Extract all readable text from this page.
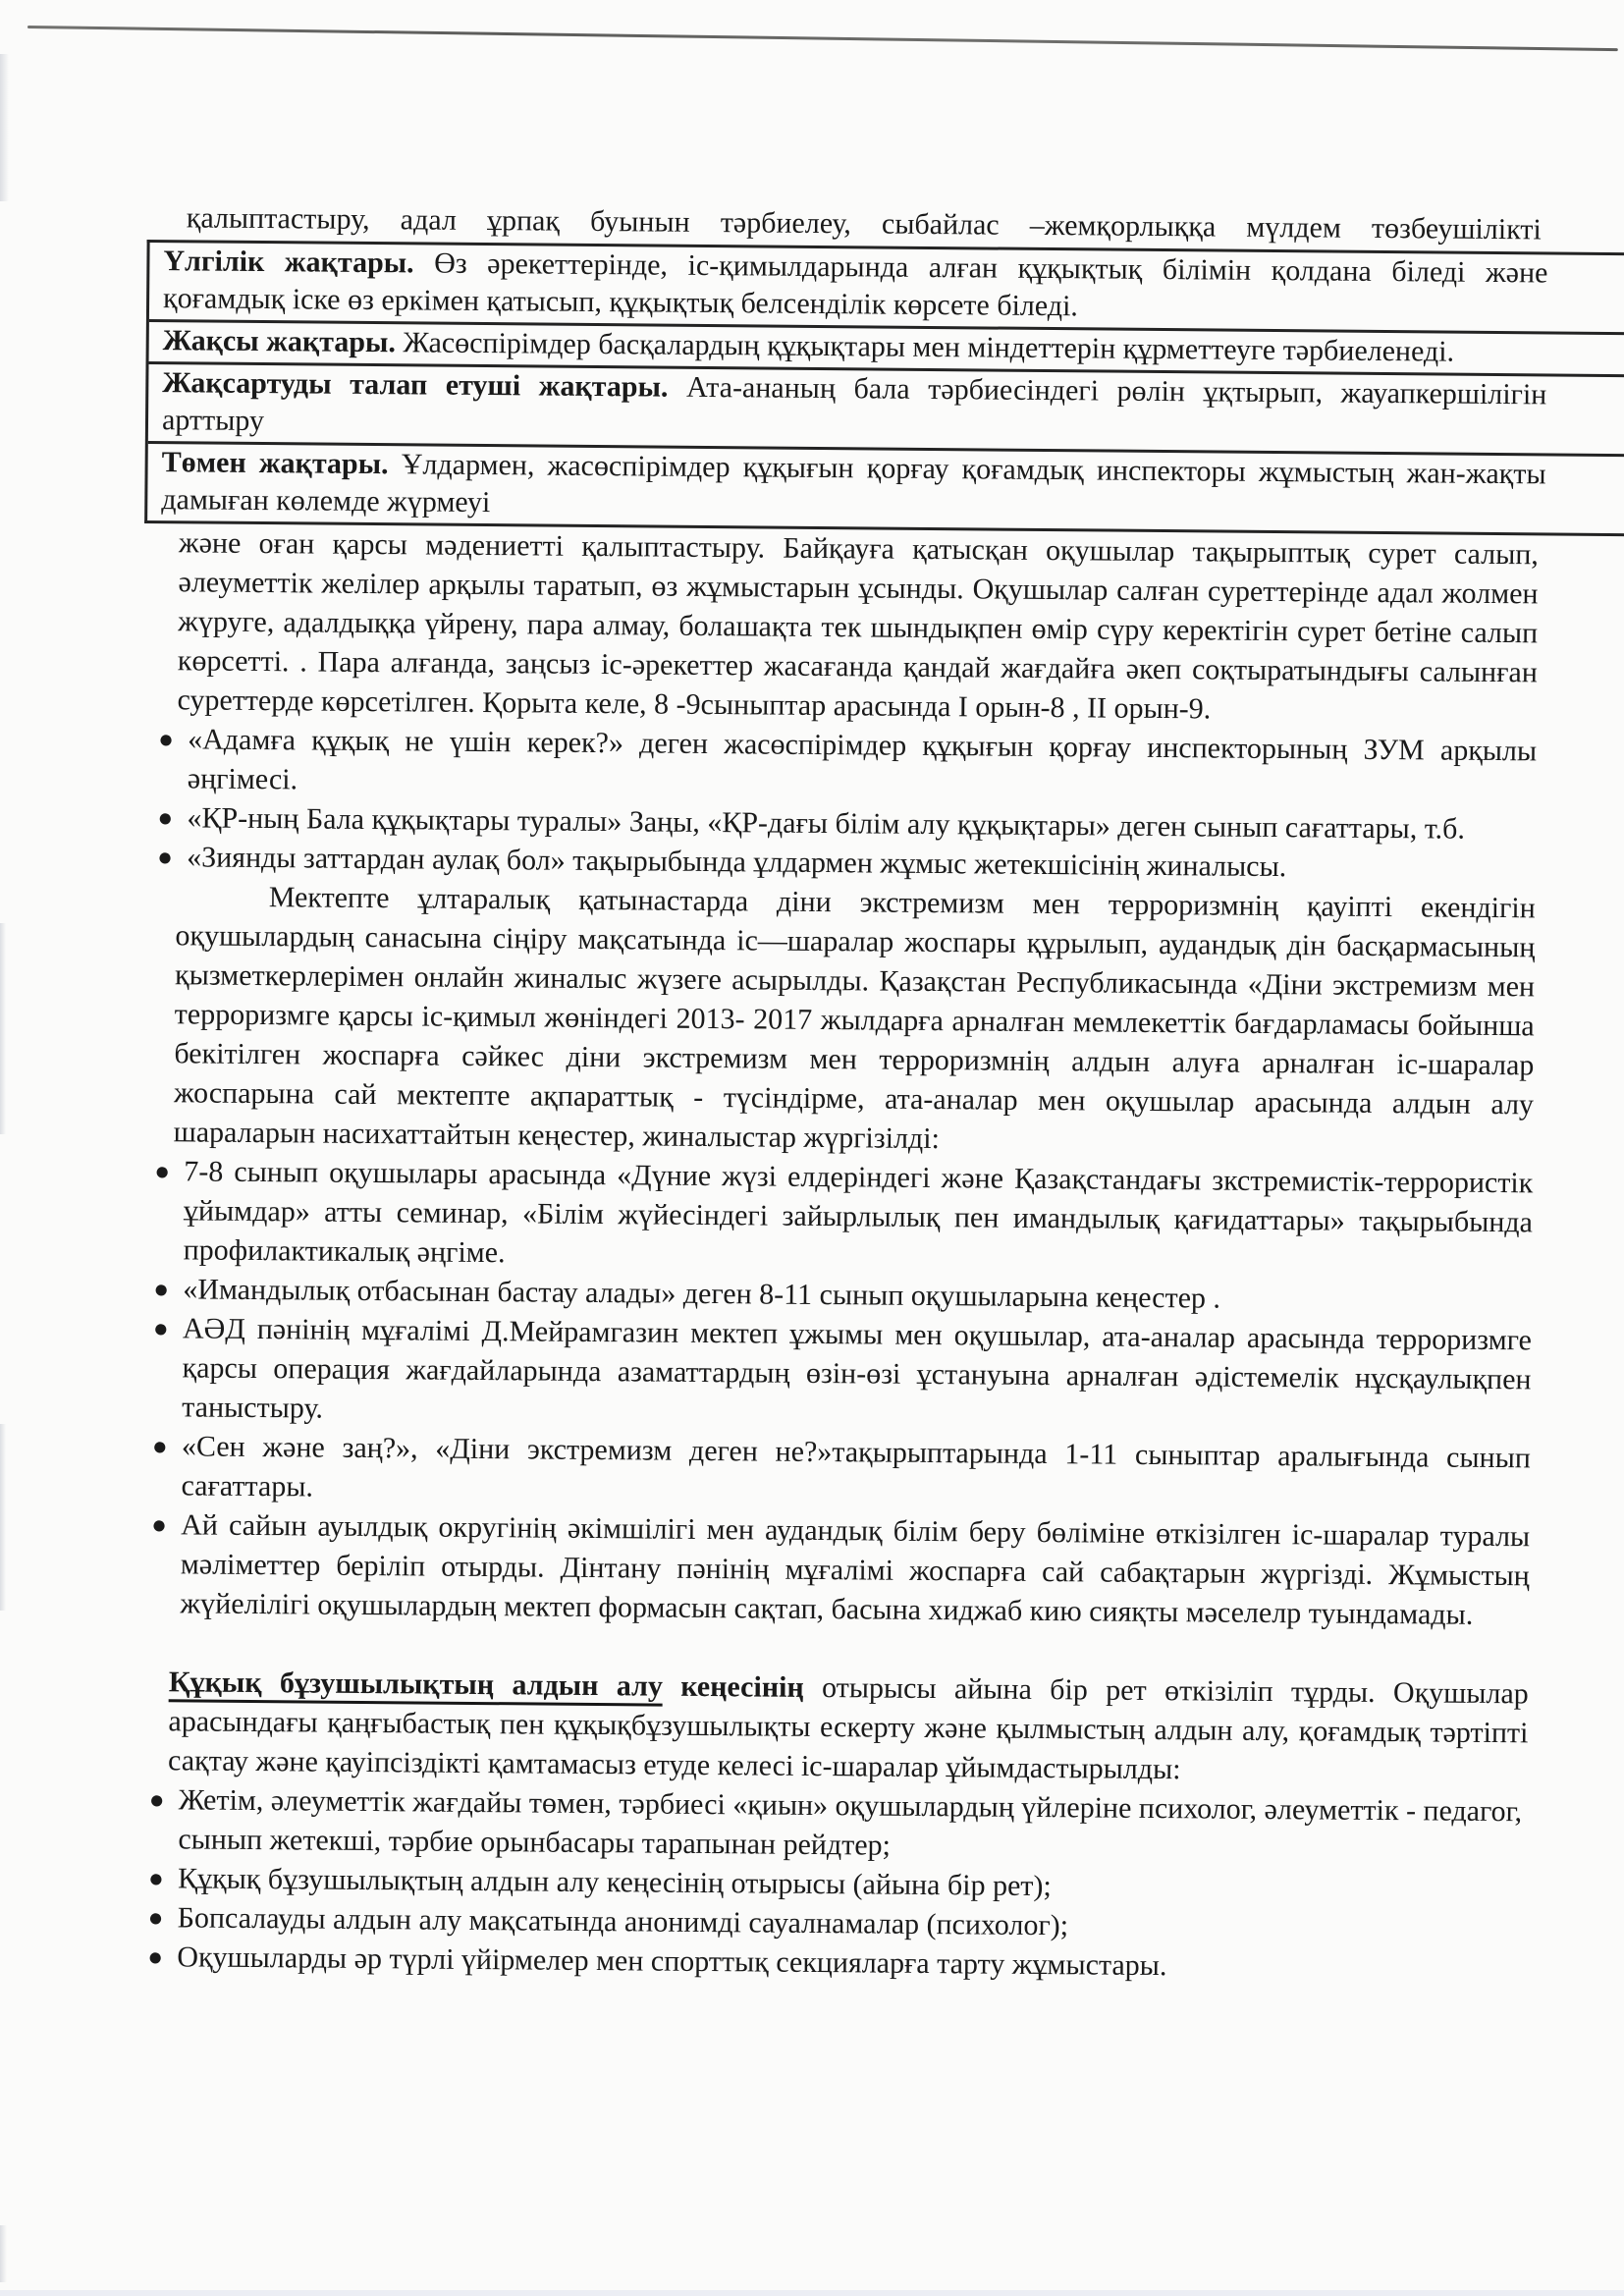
қалыптастыру, адал ұрпақ буынын тәрбиелеу, сыбайлас –жемқорлыққа мүлдем төзбеушілікті
Үлгілік жақтары. Өз әрекеттерінде, іс-қимылдарында алған құқықтық білімін қолдана біледі және қоғамдық іске өз еркімен қатысып, құқықтық белсенділік көрсете біледі.
Жақсы жақтары. Жасөспірімдер басқалардың құқықтары мен міндеттерін құрметтеуге тәрбиеленеді.
Жақсартуды талап етуші жақтары. Ата-ананың бала тәрбиесіндегі рөлін ұқтырып, жауапкершілігін арттыру
Төмен жақтары. Ұлдармен, жасөспірімдер құқығын қорғау қоғамдық инспекторы жұмыстың жан-жақты дамыған көлемде жүрмеуі
және оған қарсы мәдениетті қалыптастыру. Байқауға қатысқан оқушылар тақырыптық сурет салып, әлеуметтік желілер арқылы таратып, өз жұмыстарын ұсынды. Оқушылар салған суреттерінде адал жолмен жүруге, адалдыққа үйрену, пара алмау, болашақта тек шындықпен өмір сүру керектігін сурет бетіне салып көрсетті. . Пара алғанда, заңсыз іс-әрекеттер жасағанда қандай жағдайға әкеп соқтыратындығы салынған суреттерде көрсетілген. Қорыта келе, 8 -9сыныптар арасында I орын-8 , II орын-9.
● «Адамға құқық не үшін керек?» деген жасөспірімдер құқығын қорғау инспекторының ЗУМ арқылы әңгімесі.
● «ҚР-ның Бала құқықтары туралы» Заңы, «ҚР-дағы білім алу құқықтары» деген сынып сағаттары, т.б.
● «Зиянды заттардан аулақ бол» тақырыбында ұлдармен жұмыс жетекшісінің жиналысы.
Мектепте ұлтаралық қатынастарда діни экстремизм мен терроризмнің қауіпті екендігін оқушылардың санасына сіңіру мақсатында іс—шаралар жоспары құрылып, аудандық дін басқармасының қызметкерлерімен онлайн жиналыс жүзеге асырылды. Қазақстан Республикасында «Діни экстремизм мен терроризмге қарсы іс-қимыл жөніндегі 2013- 2017 жылдарға арналған мемлекеттік бағдарламасы бойынша бекітілген жоспарға сәйкес діни экстремизм мен терроризмнің алдын алуға арналған іс-шаралар жоспарына сай мектепте ақпараттық - түсіндірме, ата-аналар мен оқушылар арасында алдын алу шараларын насихаттайтын кеңестер, жиналыстар жүргізілді:
● 7-8 сынып оқушылары арасында «Дүние жүзі елдеріндегі және Қазақстандағы зкстремистік-террористік ұйымдар» атты семинар, «Білім жүйесіндегі зайырлылық пен имандылық қағидаттары» тақырыбында профилактикалық әңгіме.
● «Имандылық отбасынан бастау алады» деген 8-11 сынып оқушыларына кеңестер .
● АӘД пәнінің мұғалімі Д.Мейрамгазин мектеп ұжымы мен оқушылар, ата-аналар арасында терроризмге қарсы операция жағдайларында азаматтардың өзін-өзі ұстануына арналған әдістемелік нұсқаулықпен таныстыру.
● «Сен және заң?», «Діни экстремизм деген не?»тақырыптарында 1-11 сыныптар аралығында сынып сағаттары.
● Ай сайын ауылдық округінің әкімшілігі мен аудандық білім беру бөліміне өткізілген іс-шаралар туралы мәліметтер беріліп отырды. Дінтану пәнінің мұғалімі жоспарға сай сабақтарын жүргізді. Жұмыстың жүйелілігі оқушылардың мектеп формасын сақтап, басына хиджаб кию сияқты мәселелр туындамады.
Құқық бұзушылықтың алдын алу кеңесінің отырысы айына бір рет өткізіліп тұрды. Оқушылар арасындағы қаңғыбастық пен құқықбұзушылықты ескерту және қылмыстың алдын алу, қоғамдық тәртіпті сақтау және қауіпсіздікті қамтамасыз етуде келесі іс-шаралар ұйымдастырылды:
● Жетім, әлеуметтік жағдайы төмен, тәрбиесі «қиын» оқушылардың үйлеріне психолог, әлеуметтік - педагог, сынып жетекші, тәрбие орынбасары тарапынан рейдтер;
● Құқық бұзушылықтың алдын алу кеңесінің отырысы (айына бір рет);
● Бопсалауды алдын алу мақсатында анонимді сауалнамалар (психолог);
● Оқушыларды әр түрлі үйірмелер мен спорттық секцияларға тарту жұмыстары.
